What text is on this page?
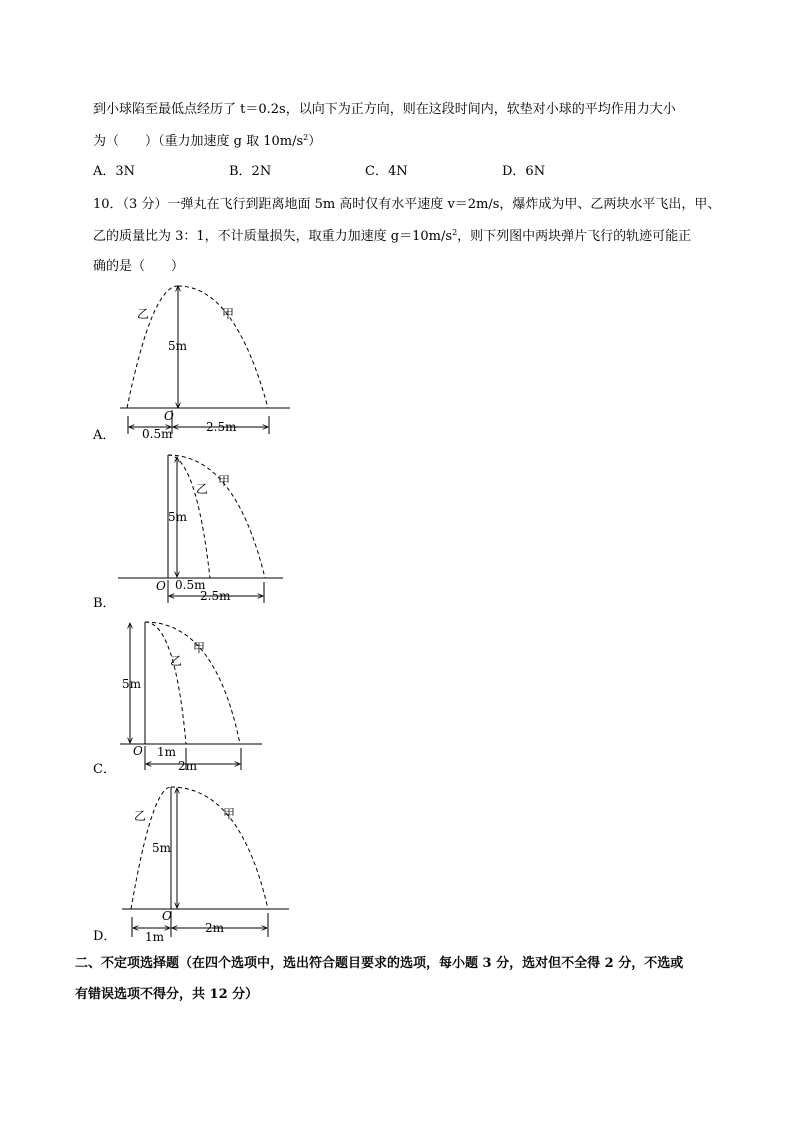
到小球陷至最低点经历了 t＝0.2s，以向下为正方向，则在这段时间内，软垫对小球的平均作用力大小
为（　　）（重力加速度 g 取 $10m/s^2$）
A．3N	B．2N	C．4N	D．6N
10．（3 分）一弹丸在飞行到距离地面 5m 高时仅有水平速度 v＝2m/s，爆炸成为甲、乙两块水平飞出，甲、
乙的质量比为 3：1，不计质量损失，取重力加速度 $g=10m/s^2$，则下列图中两块弹片飞行的轨迹可能正
确的是（　　）
乙	甲
5m
O
0.5m	2.5m
乙
甲
5m
O 0.5m
2.5m
乙
甲
5m
O 1m
2m
乙	甲
5m
O
1m
2m
A．
B．
C．
D．
二、不定项选择题（在四个选项中，选出符合题目要求的选项，每小题 3 分，选对但不全得 2 分，不选或
有错误选项不得分，共 12 分）
